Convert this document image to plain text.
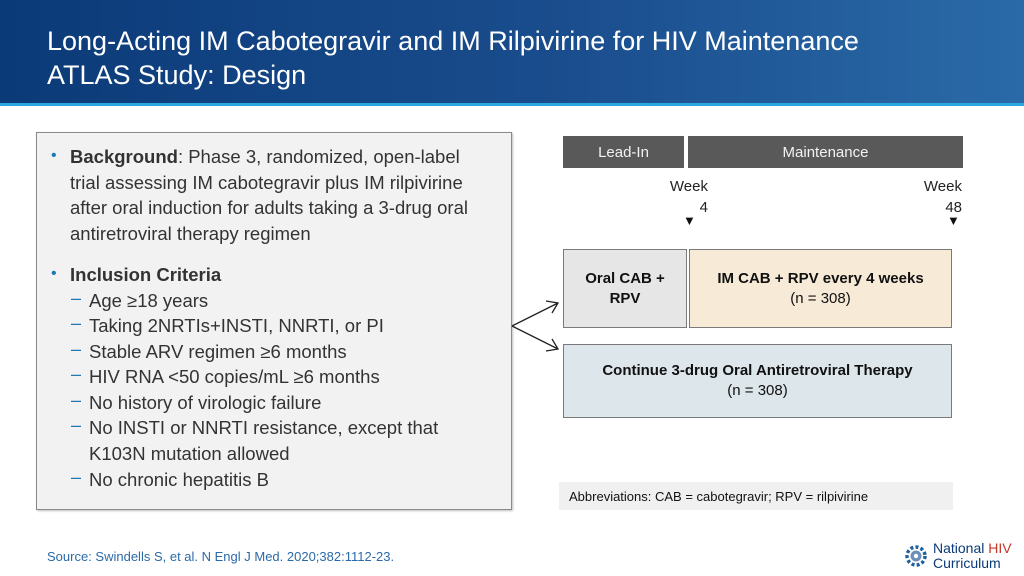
Long-Acting IM Cabotegravir and IM Rilpivirine for HIV Maintenance
ATLAS Study: Design
• Background: Phase 3, randomized, open-label
trial assessing IM cabotegravir plus IM rilpivirine
after oral induction for adults taking a 3-drug oral
antiretroviral therapy regimen
• Inclusion Criteria
– Age ≥18 years
– Taking 2NRTIs+INSTI, NNRTI, or PI
– Stable ARV regimen ≥6 months
– HIV RNA <50 copies/mL ≥6 months
– No history of virologic failure
– No INSTI or NNRTI resistance, except that
K103N mutation allowed
– No chronic hepatitis B
Lead-In	Maintenance
Week
4
▼
Week
48
▼
Oral CAB +
RPV
IM CAB + RPV every 4 weeks
(n = 308)
Continue 3-drug Oral Antiretroviral Therapy
(n = 308)
Abbreviations: CAB = cabotegravir; RPV = rilpivirine
Source: Swindells S, et al. N Engl J Med. 2020;382:1112-23.
National HIV
Curriculum
